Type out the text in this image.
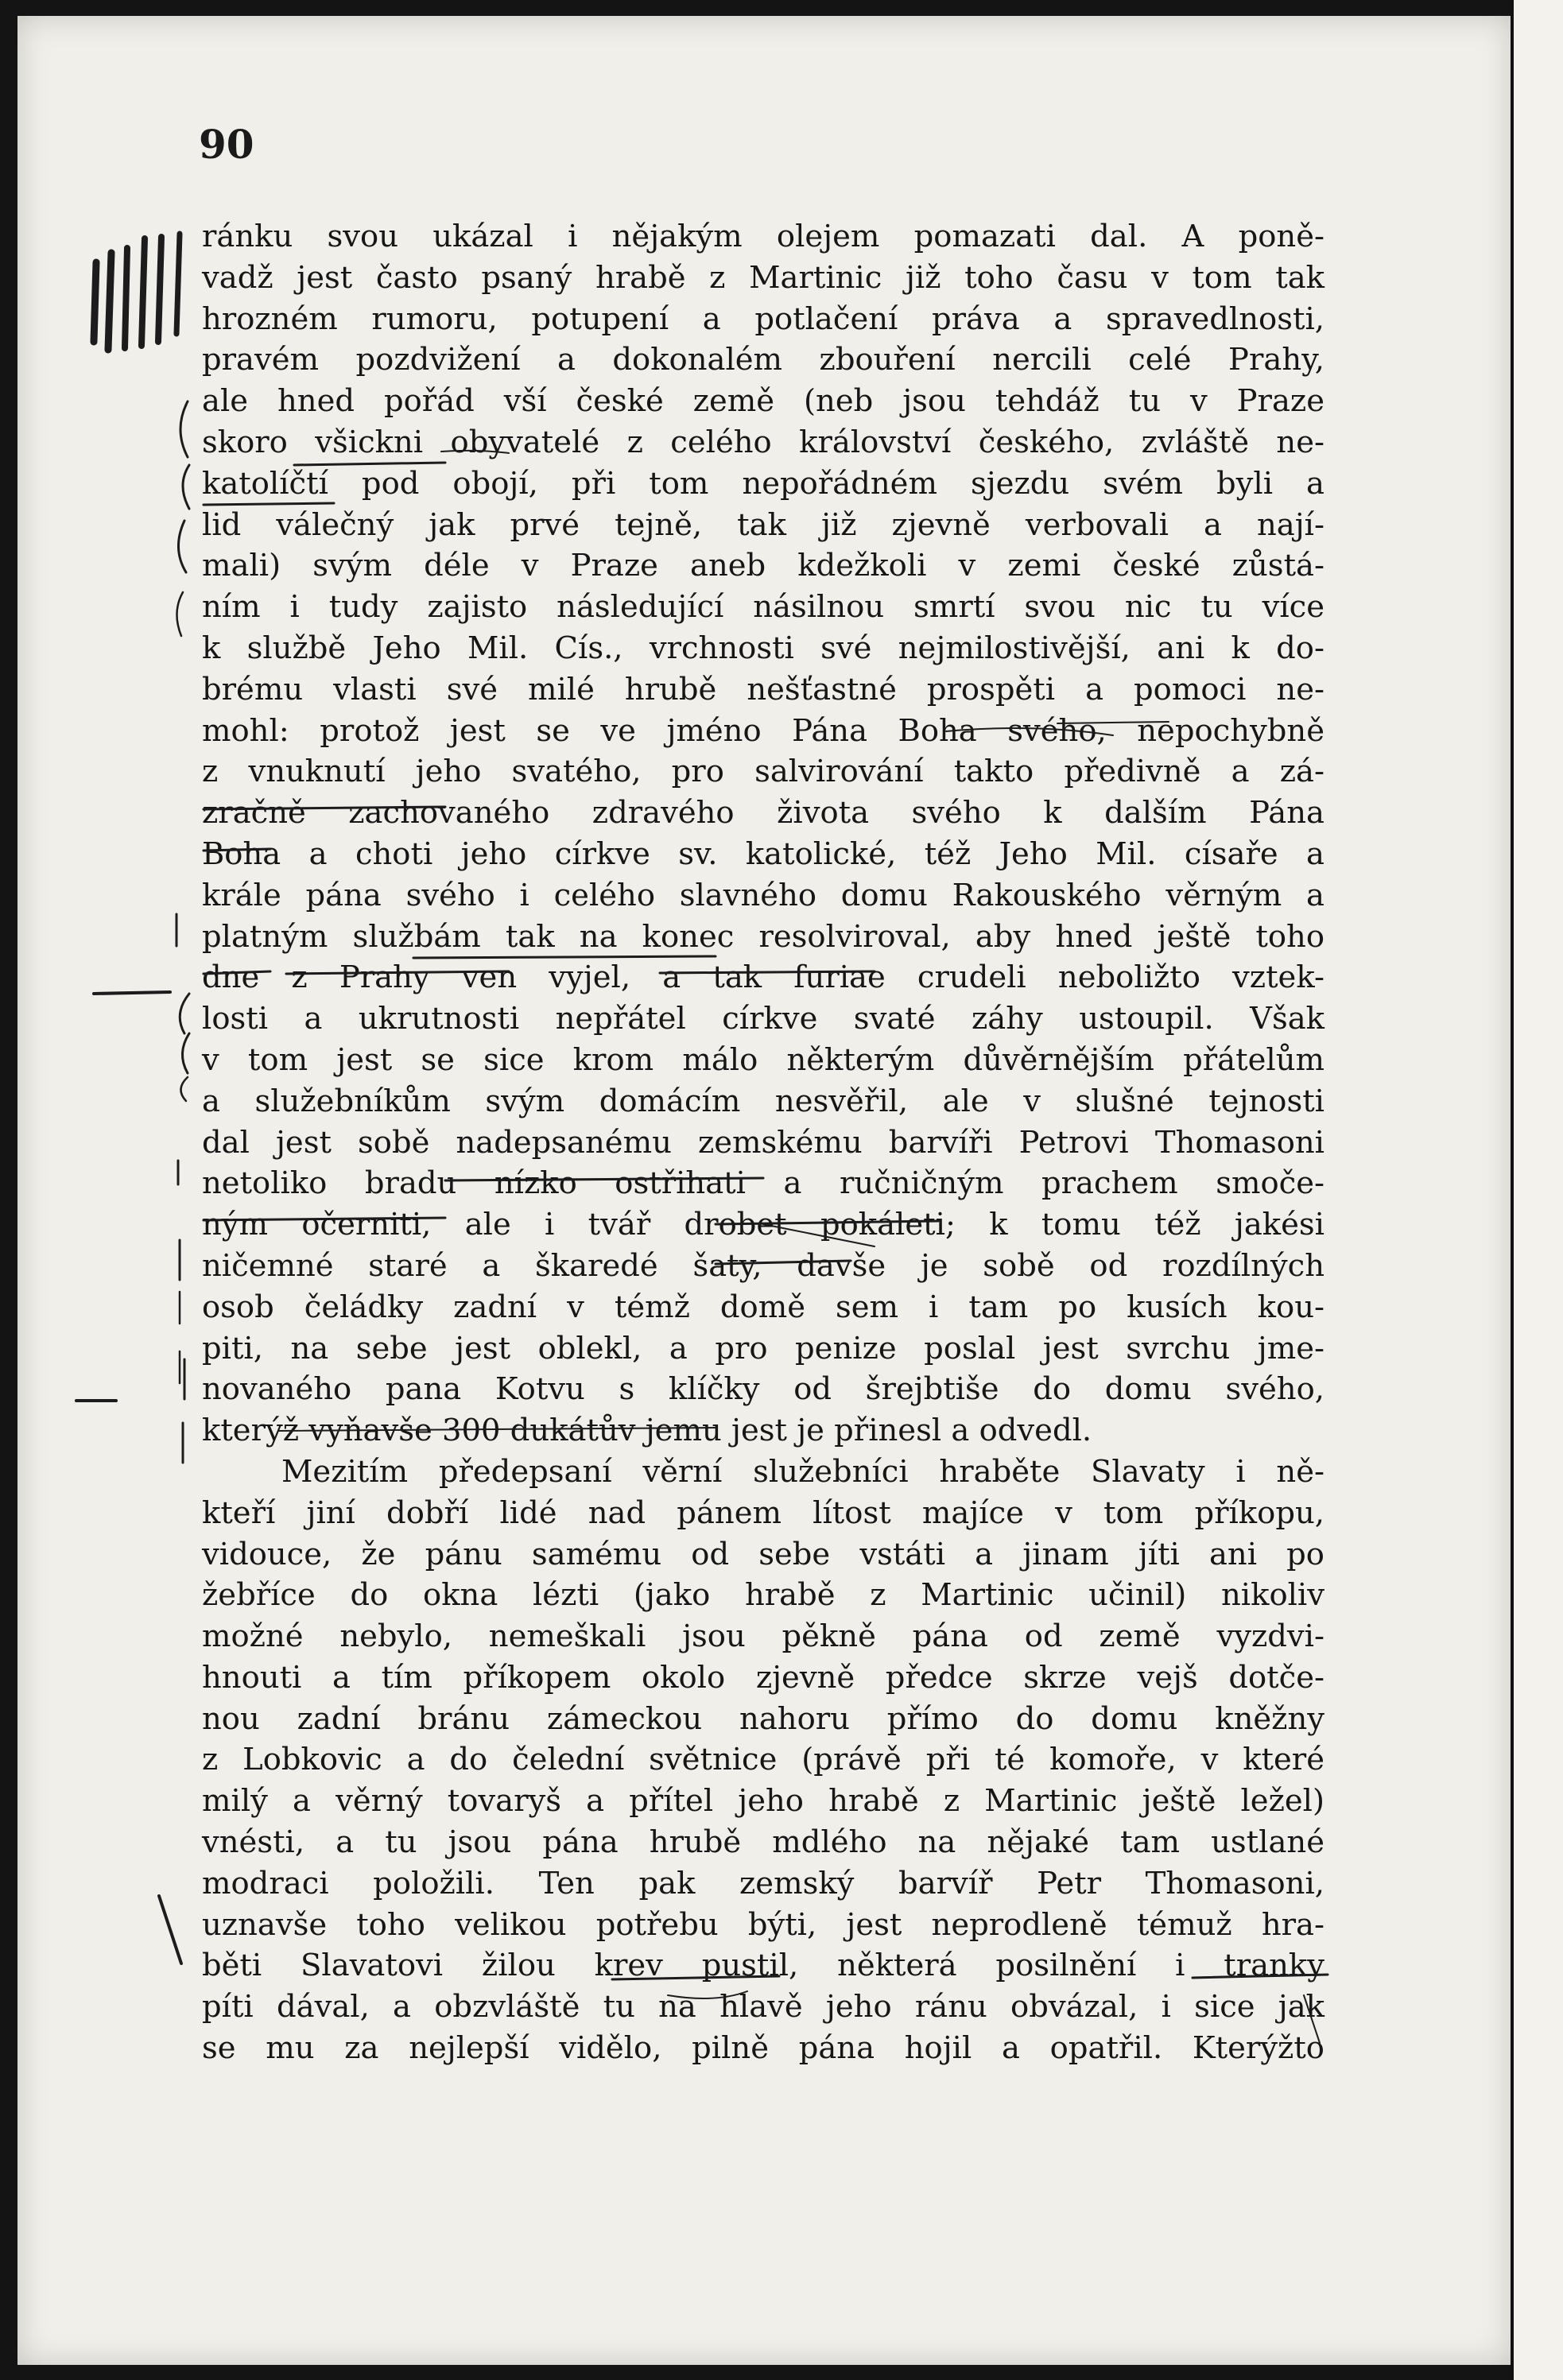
90

ránku svou ukázal i nějakým olejem pomazati dal. A poně-
vadž jest často psaný hrabě z Martinic již toho času v tom tak
hrozném rumoru, potupení a potlačení práva a spravedlnosti,
pravém pozdvižení a dokonalém zbouření nercili celé Prahy,
ale hned pořád vší české země (neb jsou tehdáž tu v Praze
skoro všickni obyvatelé z celého království českého, zvláště ne-
katolíčtí pod obojí, při tom nepořádném sjezdu svém byli a
lid válečný jak prvé tejně, tak již zjevně verbovali a nají-
mali) svým déle v Praze aneb kdežkoli v zemi české zůstá-
ním i tudy zajisto následující násilnou smrtí svou nic tu více
k službě Jeho Mil. Cís., vrchnosti své nejmilostivější, ani k do-
brému vlasti své milé hrubě nešťastné prospěti a pomoci ne-
mohl: protož jest se ve jméno Pána Boha svého, nepochybně
z vnuknutí jeho svatého, pro salvirování takto předivně a zá-
zračně zachovaného zdravého života svého k dalším Pána
Boha a choti jeho církve sv. katolické, též Jeho Mil. císaře a
krále pána svého i celého slavného domu Rakouského věrným a
platným službám tak na konec resolviroval, aby hned ještě toho
dne z Prahy ven vyjel, a tak furiae crudeli neboližto vztek-
losti a ukrutnosti nepřátel církve svaté záhy ustoupil. Však
v tom jest se sice krom málo některým důvěrnějším přátelům
a služebníkům svým domácím nesvěřil, ale v slušné tejnosti
dal jest sobě nadepsanému zemskému barvíři Petrovi Thomasoni
netoliko bradu nízko ostřihati a ručničným prachem smoče-
ným očerniti, ale i tvář drobet pokáleti; k tomu též jakési
ničemné staré a škaredé šaty, davše je sobě od rozdílných
osob čeládky zadní v témž domě sem i tam po kusích kou-
piti, na sebe jest oblekl, a pro penize poslal jest svrchu jme-
novaného pana Kotvu s klíčky od šrejbtiše do domu svého,
kterýž vyňavše 300 dukátův jemu jest je přinesl a odvedl.
Mezitím předepsaní věrní služebníci hraběte Slavaty i ně-
kteří jiní dobří lidé nad pánem lítost majíce v tom příkopu,
vidouce, že pánu samému od sebe vstáti a jinam jíti ani po
žebříce do okna lézti (jako hrabě z Martinic učinil) nikoliv
možné nebylo, nemeškali jsou pěkně pána od země vyzdvi-
hnouti a tím příkopem okolo zjevně předce skrze vejš dotče-
nou zadní bránu zámeckou nahoru přímo do domu kněžny
z Lobkovic a do čelední světnice (právě při té komoře, v které
milý a věrný tovaryš a přítel jeho hrabě z Martinic ještě ležel)
vnésti, a tu jsou pána hrubě mdlého na nějaké tam ustlané
modraci položili. Ten pak zemský barvíř Petr Thomasoni,
uznavše toho velikou potřebu býti, jest neprodleně témuž hra-
běti Slavatovi žilou krev pustil, některá posilnění i tranky
píti dával, a obzvláště tu na hlavě jeho ránu obvázal, i sice jak
se mu za nejlepší vidělo, pilně pána hojil a opatřil. Kterýžto
